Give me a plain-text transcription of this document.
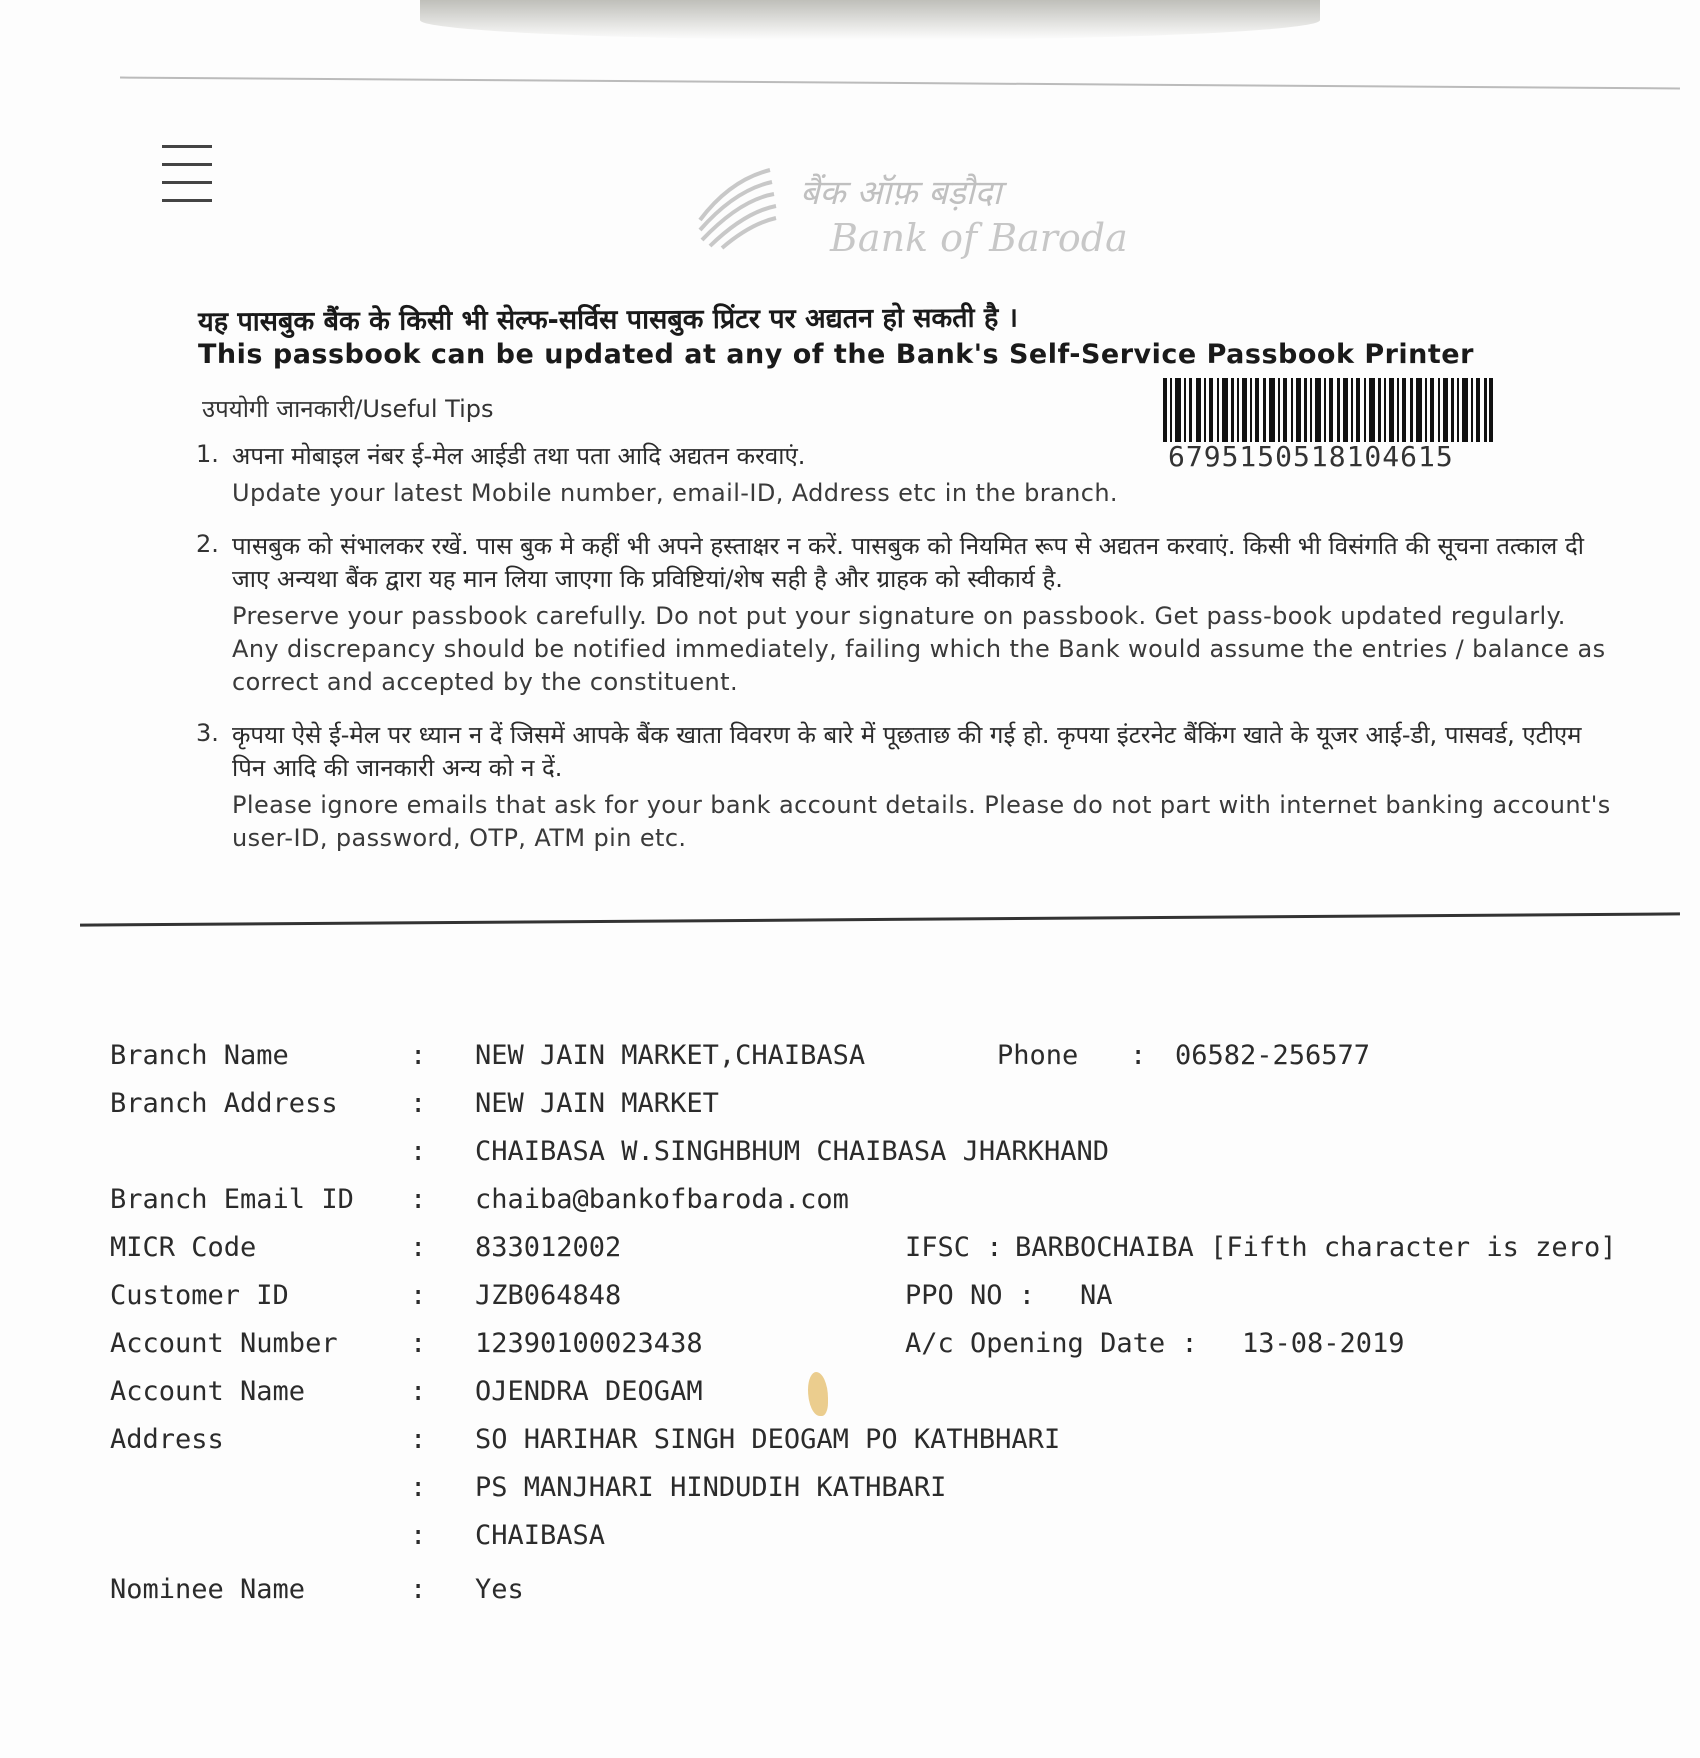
बैंक ऑफ़ बड़ौदा
Bank of Baroda

यह पासबुक बैंक के किसी भी सेल्फ-सर्विस पासबुक प्रिंटर पर अद्यतन हो सकती है ।

This passbook can be updated at any of the Bank's Self-Service Passbook Printer

उपयोगी जानकारी/Useful Tips
6795150518104615
1. अपना मोबाइल नंबर ई-मेल आईडी तथा पता आदि अद्यतन करवाएं.

Update your latest Mobile number, email-ID, Address etc in the branch.

2. पासबुक को संभालकर रखें. पास बुक मे कहीं भी अपने हस्ताक्षर न करें. पासबुक को नियमित रूप से अद्यतन करवाएं. किसी भी विसंगति की सूचना तत्काल दी जाए अन्यथा बैंक द्वारा यह मान लिया जाएगा कि प्रविष्टियां/शेष सही है और ग्राहक को स्वीकार्य है.

Preserve your passbook carefully. Do not put your signature on passbook. Get pass-book updated regularly. Any discrepancy should be notified immediately, failing which the Bank would assume the entries / balance as correct and accepted by the constituent.

3. कृपया ऐसे ई-मेल पर ध्यान न दें जिसमें आपके बैंक खाता विवरण के बारे में पूछताछ की गई हो. कृपया इंटरनेट बैंकिंग खाते के यूजर आई-डी, पासवर्ड, एटीएम पिन आदि की जानकारी अन्य को न दें.

Please ignore emails that ask for your bank account details. Please do not part with internet banking account's user-ID, password, OTP, ATM pin etc.

Branch Name	: NEW JAIN MARKET,CHAIBASA	Phone : 06582-256577
Branch Address	: NEW JAIN MARKET
: CHAIBASA W.SINGHBHUM CHAIBASA JHARKHAND
Branch Email ID : chaiba@bankofbaroda.com
MICR Code	: 833012002	IFSC : BARBOCHAIBA [Fifth character is zero]
Customer ID	: JZB064848	PPO NO : NA
Account Number	: 12390100023438	A/c Opening Date : 13-08-2019
Account Name	: OJENDRA DEOGAM
Address	: SO HARIHAR SINGH DEOGAM PO KATHBHARI
: PS MANJHARI HINDUDIH KATHBARI
: CHAIBASA
Nominee Name	: Yes
